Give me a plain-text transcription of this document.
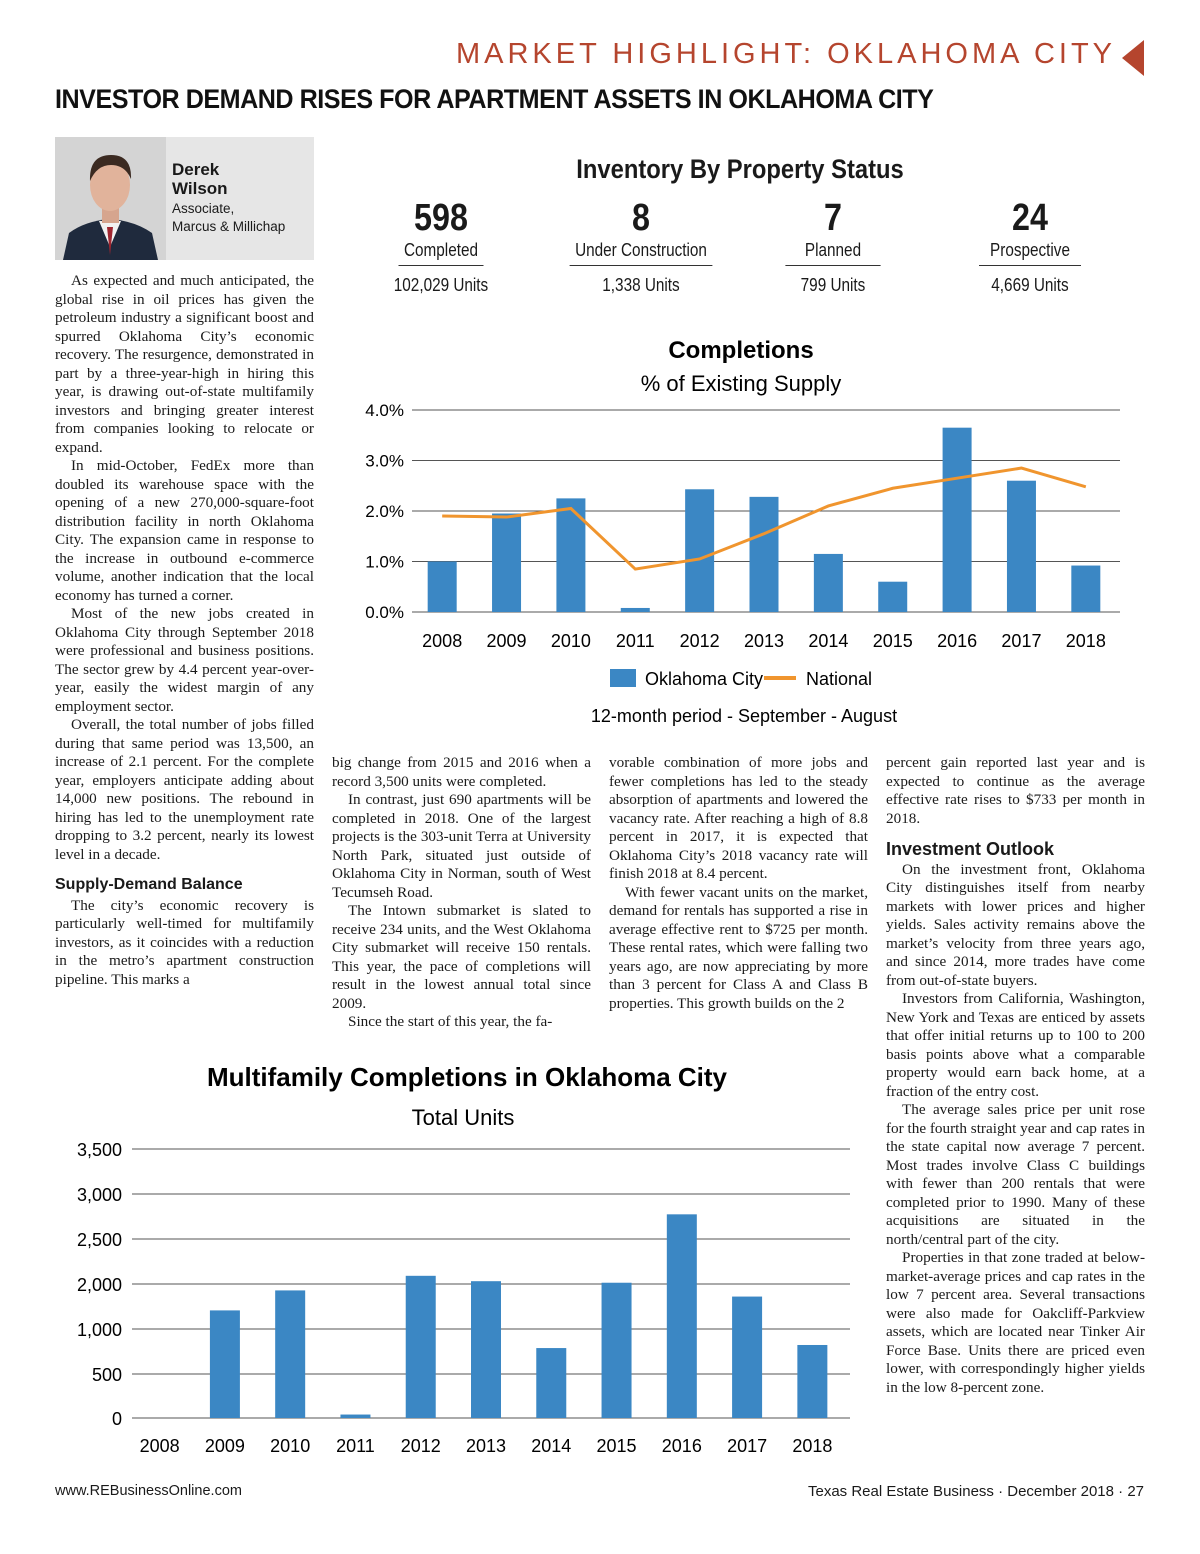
MARKET HIGHLIGHT: OKLAHOMA CITY
INVESTOR DEMAND RISES FOR APARTMENT ASSETS IN OKLAHOMA CITY
Derek
Wilson
Associate,
Marcus & Millichap
Inventory By Property Status
598
Completed
102,029 Units
8
Under Construction
1,338 Units
7
Planned
799 Units
24
Prospective
4,669 Units
Completions
% of Existing Supply
2008 2009 2010 2011 2012 2013 2014 2015 2016 2017 2018
0.0%
1.0%
2.0%
3.0%
4.0%
Oklahoma City National
12-month period - September - August

As expected and much anticipated, the global rise in oil prices has given the petroleum industry a significant boost and spurred Oklahoma City’s economic recovery. The resurgence, demonstrated in part by a three-year-high in hiring this year, is drawing out-of-state multifamily investors and bringing greater interest from companies looking to relocate or expand.

In mid-October, FedEx more than doubled its warehouse space with the opening of a new 270,000-square-foot distribution facility in north Oklahoma City. The expansion came in response to the increase in outbound e-commerce volume, another indication that the local economy has turned a corner.

Most of the new jobs created in Oklahoma City through September 2018 were professional and business positions. The sector grew by 4.4 percent year-over-year, easily the widest margin of any employment sector.

Overall, the total number of jobs filled during that same period was 13,500, an increase of 2.1 percent. For the complete year, employers anticipate adding about 14,000 new positions. The rebound in hiring has led to the unemployment rate dropping to 3.2 percent, nearly its lowest level in a decade.

Supply-Demand Balance

The city’s economic recovery is particularly well-timed for multifamily investors, as it coincides with a reduction in the metro’s apartment construction pipeline. This marks a

big change from 2015 and 2016 when a record 3,500 units were completed.

In contrast, just 690 apartments will be completed in 2018. One of the largest projects is the 303-unit Terra at University North Park, situated just outside of Oklahoma City in Norman, south of West Tecumseh Road.

The Intown submarket is slated to receive 234 units, and the West Oklahoma City submarket will receive 150 rentals. This year, the pace of completions will result in the lowest annual total since 2009.

Since the start of this year, the fa-

vorable combination of more jobs and fewer completions has led to the steady absorption of apartments and lowered the vacancy rate. After reaching a high of 8.8 percent in 2017, it is expected that Oklahoma City’s 2018 vacancy rate will finish 2018 at 8.4 percent.

With fewer vacant units on the market, demand for rentals has supported a rise in average effective rent to $725 per month. These rental rates, which were falling two years ago, are now appreciating by more than 3 percent for Class A and Class B properties. This growth builds on the 2

percent gain reported last year and is expected to continue as the average effective rate rises to $733 per month in 2018.

Investment Outlook

On the investment front, Oklahoma City distinguishes itself from nearby markets with lower prices and higher yields. Sales activity remains above the market’s velocity from three years ago, and since 2014, more trades have come from out-of-state buyers.

Investors from California, Washington, New York and Texas are enticed by assets that offer initial returns up to 100 to 200 basis points above what a comparable property would earn back home, at a fraction of the entry cost.

The average sales price per unit rose for the fourth straight year and cap rates in the state capital now average 7 percent. Most trades involve Class C buildings with fewer than 200 rentals that were completed prior to 1990. Many of these acquisitions are situated in the north/central part of the city.

Properties in that zone traded at below-market-average prices and cap rates in the low 7 percent area. Several transactions were also made for Oakcliff-Parkview assets, which are located near Tinker Air Force Base. Units there are priced even lower, with correspondingly higher yields in the low 8-percent zone.

Multifamily Completions in Oklahoma City
Total Units
2008 2009 2010 2011 2012 2013 2014 2015 2016 2017 2018
0
500
1,000
2,000
2,500
3,000
3,500
www.REBusinessOnline.com	Texas Real Estate Business · December 2018 · 27
